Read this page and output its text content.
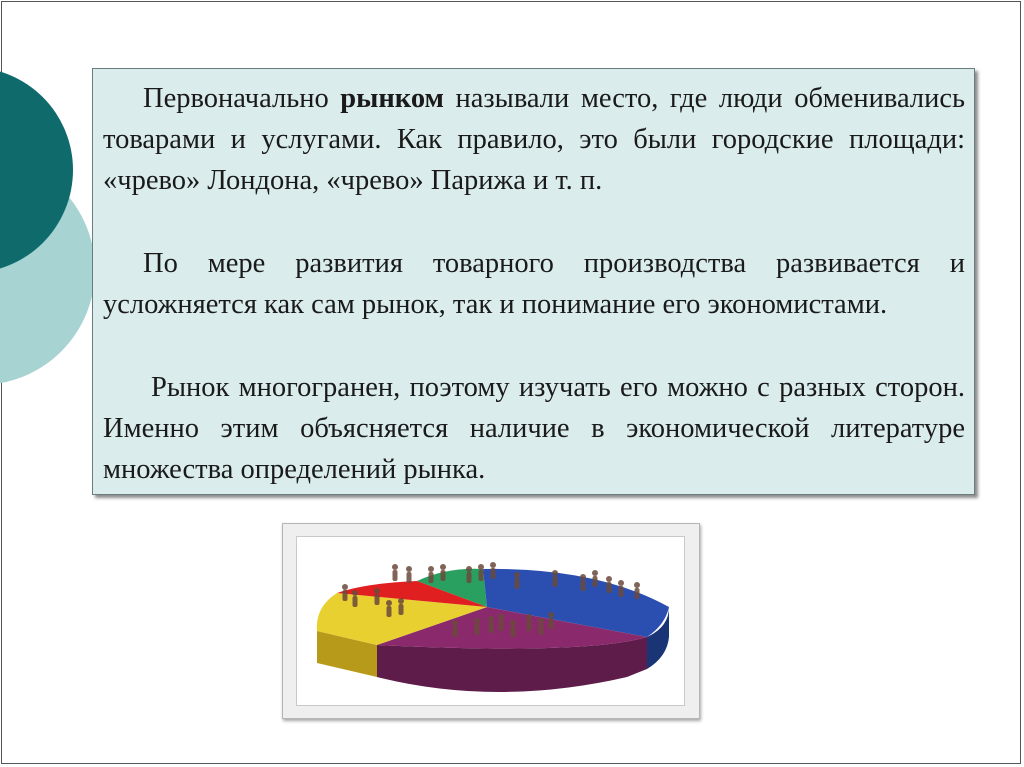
Первоначально рынком называли место, где люди обменивались товарами и услугами. Как правило, это были городские площади: «чрево» Лондона, «чрево» Парижа и т. п.

По мере развития товарного производства развивается и усложняется как сам рынок, так и понимание его экономистами.

Рынок многогранен, поэтому изучать его можно с разных сторон. Именно этим объясняется наличие в экономической литературе множества определений рынка.
